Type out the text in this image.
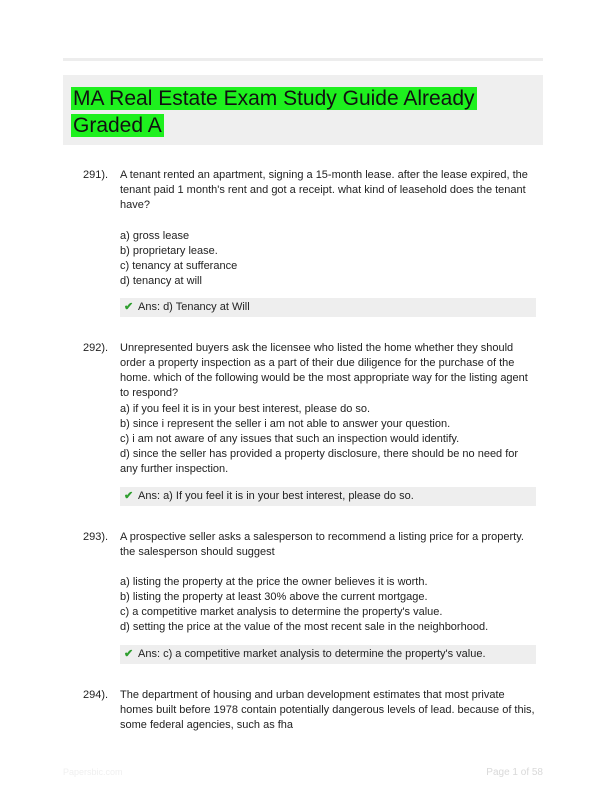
MA Real Estate Exam Study Guide Already Graded A
291). A tenant rented an apartment, signing a 15-month lease. after the lease expired, the tenant paid 1 month's rent and got a receipt. what kind of leasehold does the tenant have?

a) gross lease
b) proprietary lease.
c) tenancy at sufferance
d) tenancy at will
✔ Ans: d) Tenancy at Will
292). Unrepresented buyers ask the licensee who listed the home whether they should order a property inspection as a part of their due diligence for the purchase of the home. which of the following would be the most appropriate way for the listing agent to respond?

a) if you feel it is in your best interest, please do so.
b) since i represent the seller i am not able to answer your question.
c) i am not aware of any issues that such an inspection would identify.
d) since the seller has provided a property disclosure, there should be no need for any further inspection.
✔ Ans: a) If you feel it is in your best interest, please do so.
293). A prospective seller asks a salesperson to recommend a listing price for a property. the salesperson should suggest

a) listing the property at the price the owner believes it is worth.
b) listing the property at least 30% above the current mortgage.
c) a competitive market analysis to determine the property's value.
d) setting the price at the value of the most recent sale in the neighborhood.
✔ Ans: c) a competitive market analysis to determine the property's value.
294). The department of housing and urban development estimates that most private homes built before 1978 contain potentially dangerous levels of lead. because of this, some federal agencies, such as fha

Papersbic.com	Page 1 of 58
